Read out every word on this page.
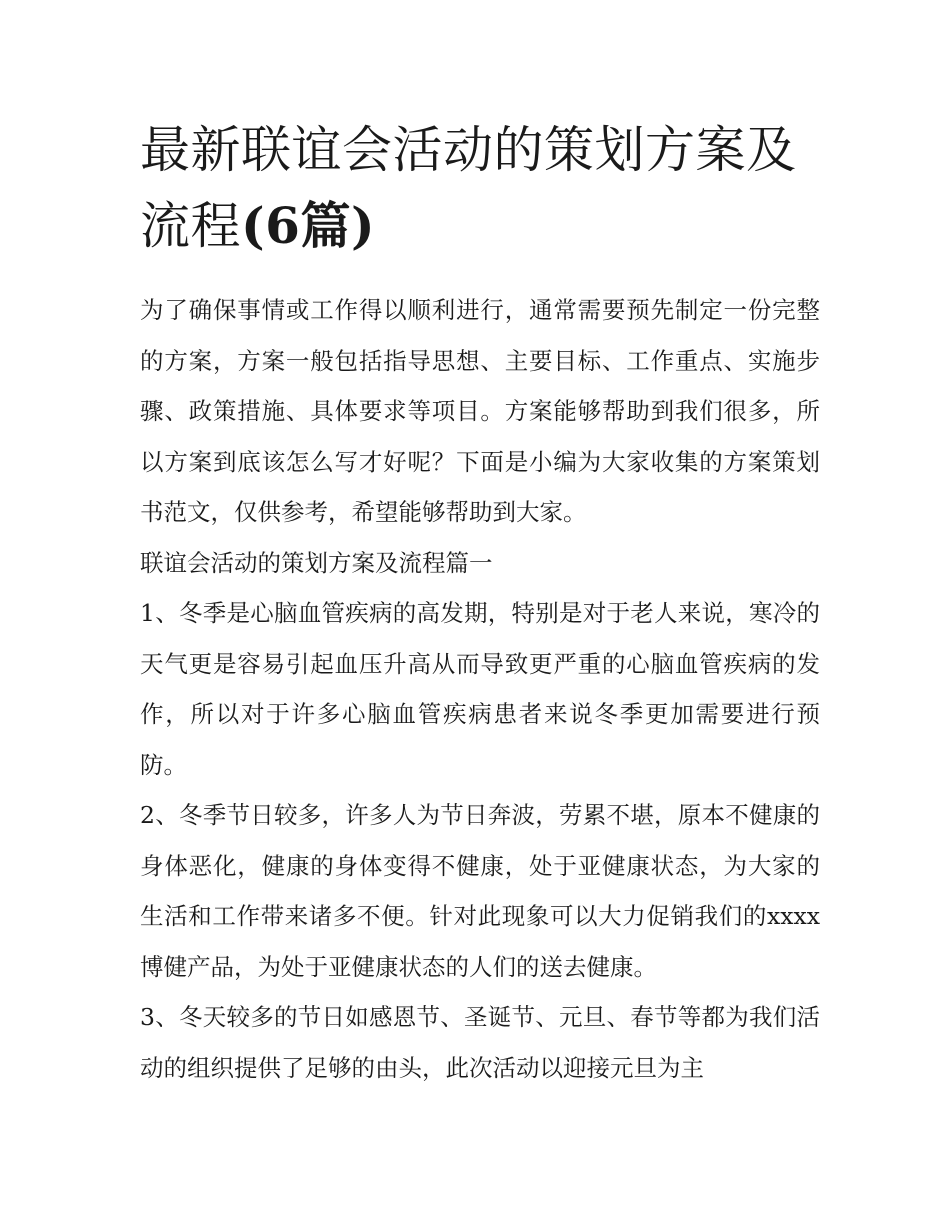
最新联谊会活动的策划方案及流程(6篇)

为了确保事情或工作得以顺利进行，通常需要预先制定一份完整的方案，方案一般包括指导思想、主要目标、工作重点、实施步骤、政策措施、具体要求等项目。方案能够帮助到我们很多，所以方案到底该怎么写才好呢？下面是小编为大家收集的方案策划书范文，仅供参考，希望能够帮助到大家。

联谊会活动的策划方案及流程篇一

1、冬季是心脑血管疾病的高发期，特别是对于老人来说，寒冷的天气更是容易引起血压升高从而导致更严重的心脑血管疾病的发作，所以对于许多心脑血管疾病患者来说冬季更加需要进行预防。

2、冬季节日较多，许多人为节日奔波，劳累不堪，原本不健康的身体恶化，健康的身体变得不健康，处于亚健康状态，为大家的生活和工作带来诸多不便。针对此现象可以大力促销我们的xxxx博健产品，为处于亚健康状态的人们的送去健康。

3、冬天较多的节日如感恩节、圣诞节、元旦、春节等都为我们活动的组织提供了足够的由头，此次活动以迎接元旦为主
